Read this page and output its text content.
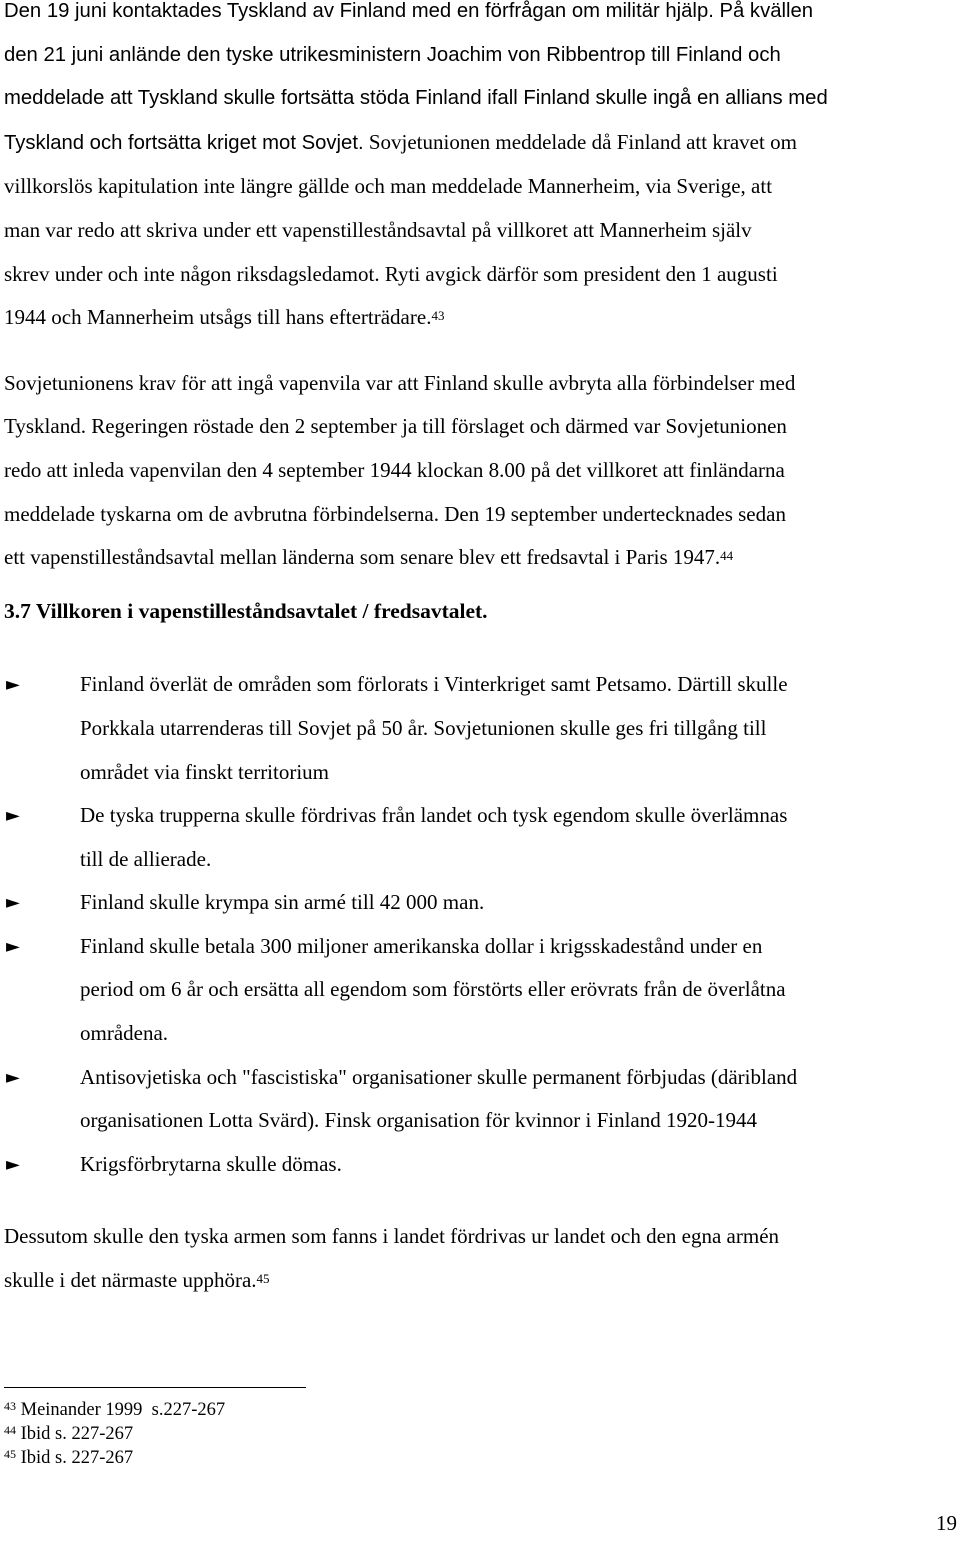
Den 19 juni kontaktades Tyskland av Finland med en förfrågan om militär hjälp. På kvällen
den 21 juni anlände den tyske utrikesministern Joachim von Ribbentrop till Finland och
meddelade att Tyskland skulle fortsätta stöda Finland ifall Finland skulle ingå en allians med
Tyskland och fortsätta kriget mot Sovjet. Sovjetunionen meddelade då Finland att kravet om
villkorslös kapitulation inte längre gällde och man meddelade Mannerheim, via Sverige, att
man var redo att skriva under ett vapenstilleståndsavtal på villkoret att Mannerheim själv
skrev under och inte någon riksdagsledamot. Ryti avgick därför som president den 1 augusti
1944 och Mannerheim utsågs till hans efterträdare.$^{43}$

Sovjetunionens krav för att ingå vapenvila var att Finland skulle avbryta alla förbindelser med
Tyskland. Regeringen röstade den 2 september ja till förslaget och därmed var Sovjetunionen
redo att inleda vapenvilan den 4 september 1944 klockan 8.00 på det villkoret att finländarna
meddelade tyskarna om de avbrutna förbindelserna. Den 19 september undertecknades sedan
ett vapenstilleståndsavtal mellan länderna som senare blev ett fredsavtal i Paris 1947.44

3.7 Villkoren i vapenstilleståndsavtalet / fredsavtalet.

►	Finland överlät de områden som förlorats i Vinterkriget samt Petsamo. Därtill skulle
Porkkala utarrenderas till Sovjet på 50 år. Sovjetunionen skulle ges fri tillgång till
området via finskt territorium
►	De tyska trupperna skulle fördrivas från landet och tysk egendom skulle överlämnas
till de allierade.
►	Finland skulle krympa sin armé till 42 000 man.
►	Finland skulle betala 300 miljoner amerikanska dollar i krigsskadestånd under en
period om 6 år och ersätta all egendom som förstörts eller erövrats från de överlåtna
områdena.
►	Antisovjetiska och "fascistiska" organisationer skulle permanent förbjudas (däribland
organisationen Lotta Svärd). Finsk organisation för kvinnor i Finland 1920-1944
►	Krigsförbrytarna skulle dömas.

Dessutom skulle den tyska armen som fanns i landet fördrivas ur landet och den egna armén
skulle i det närmaste upphöra.$^{45}$

$^{43}$ Meinander 1999  s.227-267
$^{44}$ Ibid s. 227-267
$^{45}$ Ibid s. 227-267
19
